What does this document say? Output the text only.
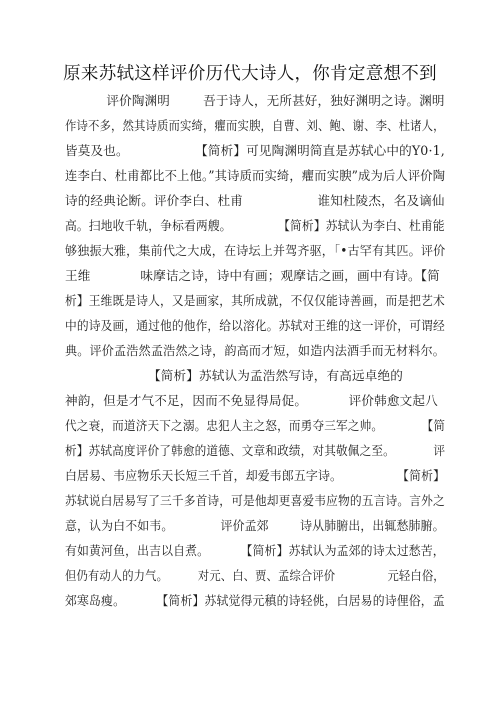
原来苏轼这样评价历代大诗人，你肯定意想不到
评价陶渊明        吾于诗人，无所甚好，独好渊明之诗。渊明
作诗不多，然其诗质而实绮，癯而实腴，自曹、刘、鲍、谢、李、杜诸人，
皆莫及也。                【简析】可见陶渊明简直是苏轼心中的Y0·1,
连李白、杜甫都比不上他。”其诗质而实绮，癯而实腴”成为后人评价陶
诗的经典论断。评价李白、杜甫                  谁知杜陵杰，名及谪仙
高。扫地收千轨，争标看两艘。            【简析】苏轼认为李白、杜甫能
够独振大雅，集前代之大成，在诗坛上并驾齐驱，「•古罕有其匹。评价
王维            味摩诘之诗，诗中有画；观摩诘之画，画中有诗。【简
析】王维既是诗人，又是画家，其所成就，不仅仅能诗善画，而是把艺术
中的诗及画，通过他的他作，给以溶化。苏轼对王维的这一评价，可谓经
典。评价孟浩然孟浩然之诗，韵高而才短，如造内法酒手而无材料尔。
【简析】苏轼认为孟浩然写诗，有高远卓绝的
神韵，但是才气不足，因而不免显得局促。          评价韩愈文起八
代之衰，而道济天下之溺。忠犯人主之怒，而勇夺三军之帅。          【简
析】苏轼高度评价了韩愈的道德、文章和政绩，对其敬佩之至。          评
白居易、韦应物乐天长短三千首，却爱韦郎五字诗。              【简析】
苏轼说白居易写了三千多首诗，可是他却更喜爱韦应物的五言诗。言外之
意，认为白不如韦。            评价孟郊        诗从肺腑出，出辄愁肺腑。
有如黄河鱼，出吉以自煮。        【简析】苏轼认为孟郊的诗太过愁苦，
但仍有动人的力气。        对元、白、贾、孟综合评价              元轻白俗，
郊寒岛瘦。        【简析】苏轼觉得元稹的诗轻佻，白居易的诗俚俗，孟
